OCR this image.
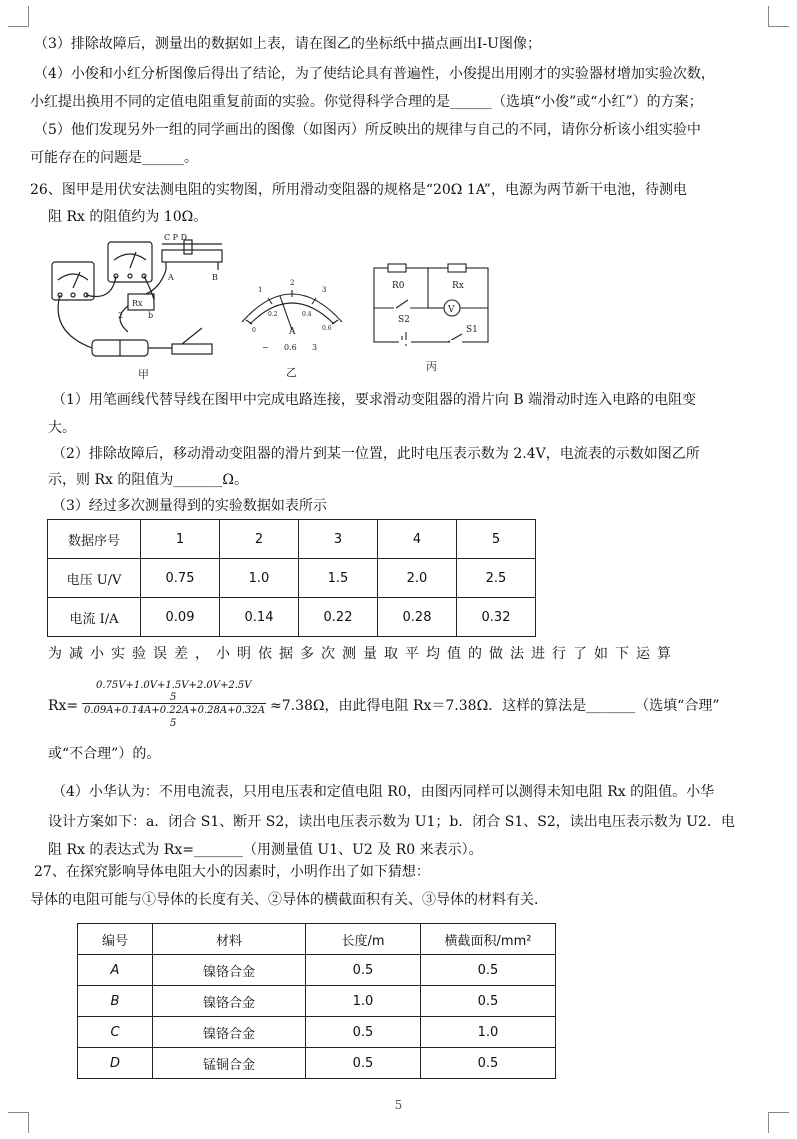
（3）排除故障后，测量出的数据如上表，请在图乙的坐标纸中描点画出I-U图像；
（4）小俊和小红分析图像后得出了结论，为了使结论具有普遍性，小俊提出用刚才的实验器材增加实验次数，
小红提出换用不同的定值电阻重复前面的实验。你觉得科学合理的是______（选填“小俊”或“小红”）的方案；
（5）他们发现另外一组的同学画出的图像（如图丙）所反映出的规律与自己的不同，请你分析该小组实验中
可能存在的问题是______。
26、图甲是用伏安法测电阻的实物图，所用滑动变阻器的规格是“20Ω 1A”，电源为两节新干电池，待测电
阻 Rx 的阻值约为 10Ω。
C P D
A	B
Rx
2	b
甲
1
2
3
0
0.2	0.4
0.6
A
− 0.6 3
乙
R0	Rx
V
S2
S1
丙
（1）用笔画线代替导线在图甲中完成电路连接，要求滑动变阻器的滑片向 B 端滑动时连入电路的电阻变
大。
（2）排除故障后，移动滑动变阻器的滑片到某一位置，此时电压表示数为 2.4V，电流表的示数如图乙所
示，则 Rx 的阻值为_______Ω。
（3）经过多次测量得到的实验数据如表所示
数据序号	1	2	3	4	5
电压 U/V	0.75	1.0	1.5	2.0	2.5
电流 I/A	0.09	0.14	0.22	0.28	0.32
为减小实验误差，小明依据多次测量取平均值的做法进行了如下运算
Rx=
0.75V+1.0V+1.5V+2.0V+2.5V
5
0.09A+0.14A+0.22A+0.28A+0.32A
5
≈7.38Ω，由此得电阻 Rx＝7.38Ω．这样的算法是_______（选填“合理”
或“不合理”）的。
（4）小华认为：不用电流表，只用电压表和定值电阻 R0，由图丙同样可以测得未知电阻 Rx 的阻值。小华
设计方案如下：a．闭合 S1、断开 S2，读出电压表示数为 U1；b．闭合 S1、S2，读出电压表示数为 U2．电
阻 Rx 的表达式为 Rx=_______（用测量值 U1、U2 及 R0 来表示）。
27、在探究影响导体电阻大小的因素时，小明作出了如下猜想：
导体的电阻可能与①导体的长度有关、②导体的横截面积有关、③导体的材料有关．
编号	材料	长度/m	横截面积/mm²
A	镍铬合金	0.5	0.5
B	镍铬合金	1.0	0.5
C	镍铬合金	0.5	1.0
D	锰铜合金	0.5	0.5
5
